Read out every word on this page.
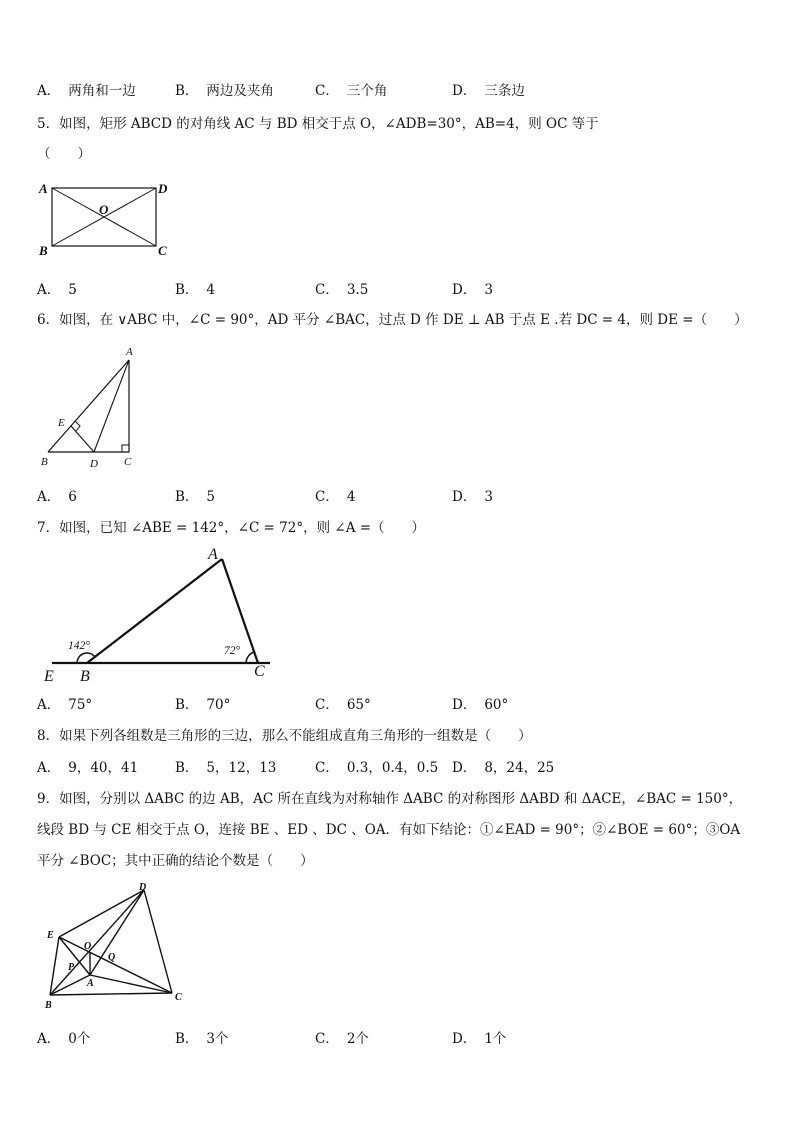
A． 两角和一边	B． 两边及夹角	C． 三个角	D． 三条边
5．如图，矩形 ABCD 的对角线 AC 与 BD 相交于点 O，∠ADB=30°，AB=4，则 OC 等于
（　　）
A	D
B	C
O
A． 5	B． 4	C． 3.5	D． 3
6．如图，在 ∨ABC 中，∠C = 90°，AD 平分 ∠BAC，过点 D 作 DE ⊥ AB 于点 E .若 DC = 4，则 DE =（　　）
A
B	C
D
E
A． 6	B． 5	C． 4	D． 3
7．如图，已知 ∠ABE = 142°，∠C = 72°，则 ∠A =（　　）
142°	72°
A
B	C
E
A． 75°	B． 70°	C． 65°	D． 60°
8．如果下列各组数是三角形的三边，那么不能组成直角三角形的一组数是（　　）
A． 9，40，41	B． 5，12，13	C． 0.3，0.4，0.5 D． 8，24，25
9．如图，分别以 ΔABC 的边 AB，AC 所在直线为对称轴作 ΔABC 的对称图形 ΔABD 和 ΔACE，∠BAC = 150°，
线段 BD 与 CE 相交于点 O，连接 BE 、ED 、DC 、OA．有如下结论：①∠EAD = 90°；②∠BOE = 60°；③OA
平分 ∠BOC；其中正确的结论个数是（　　）
B
C
D
E
O
A
P
Q
A． 0个	B． 3个	C． 2个	D． 1个
